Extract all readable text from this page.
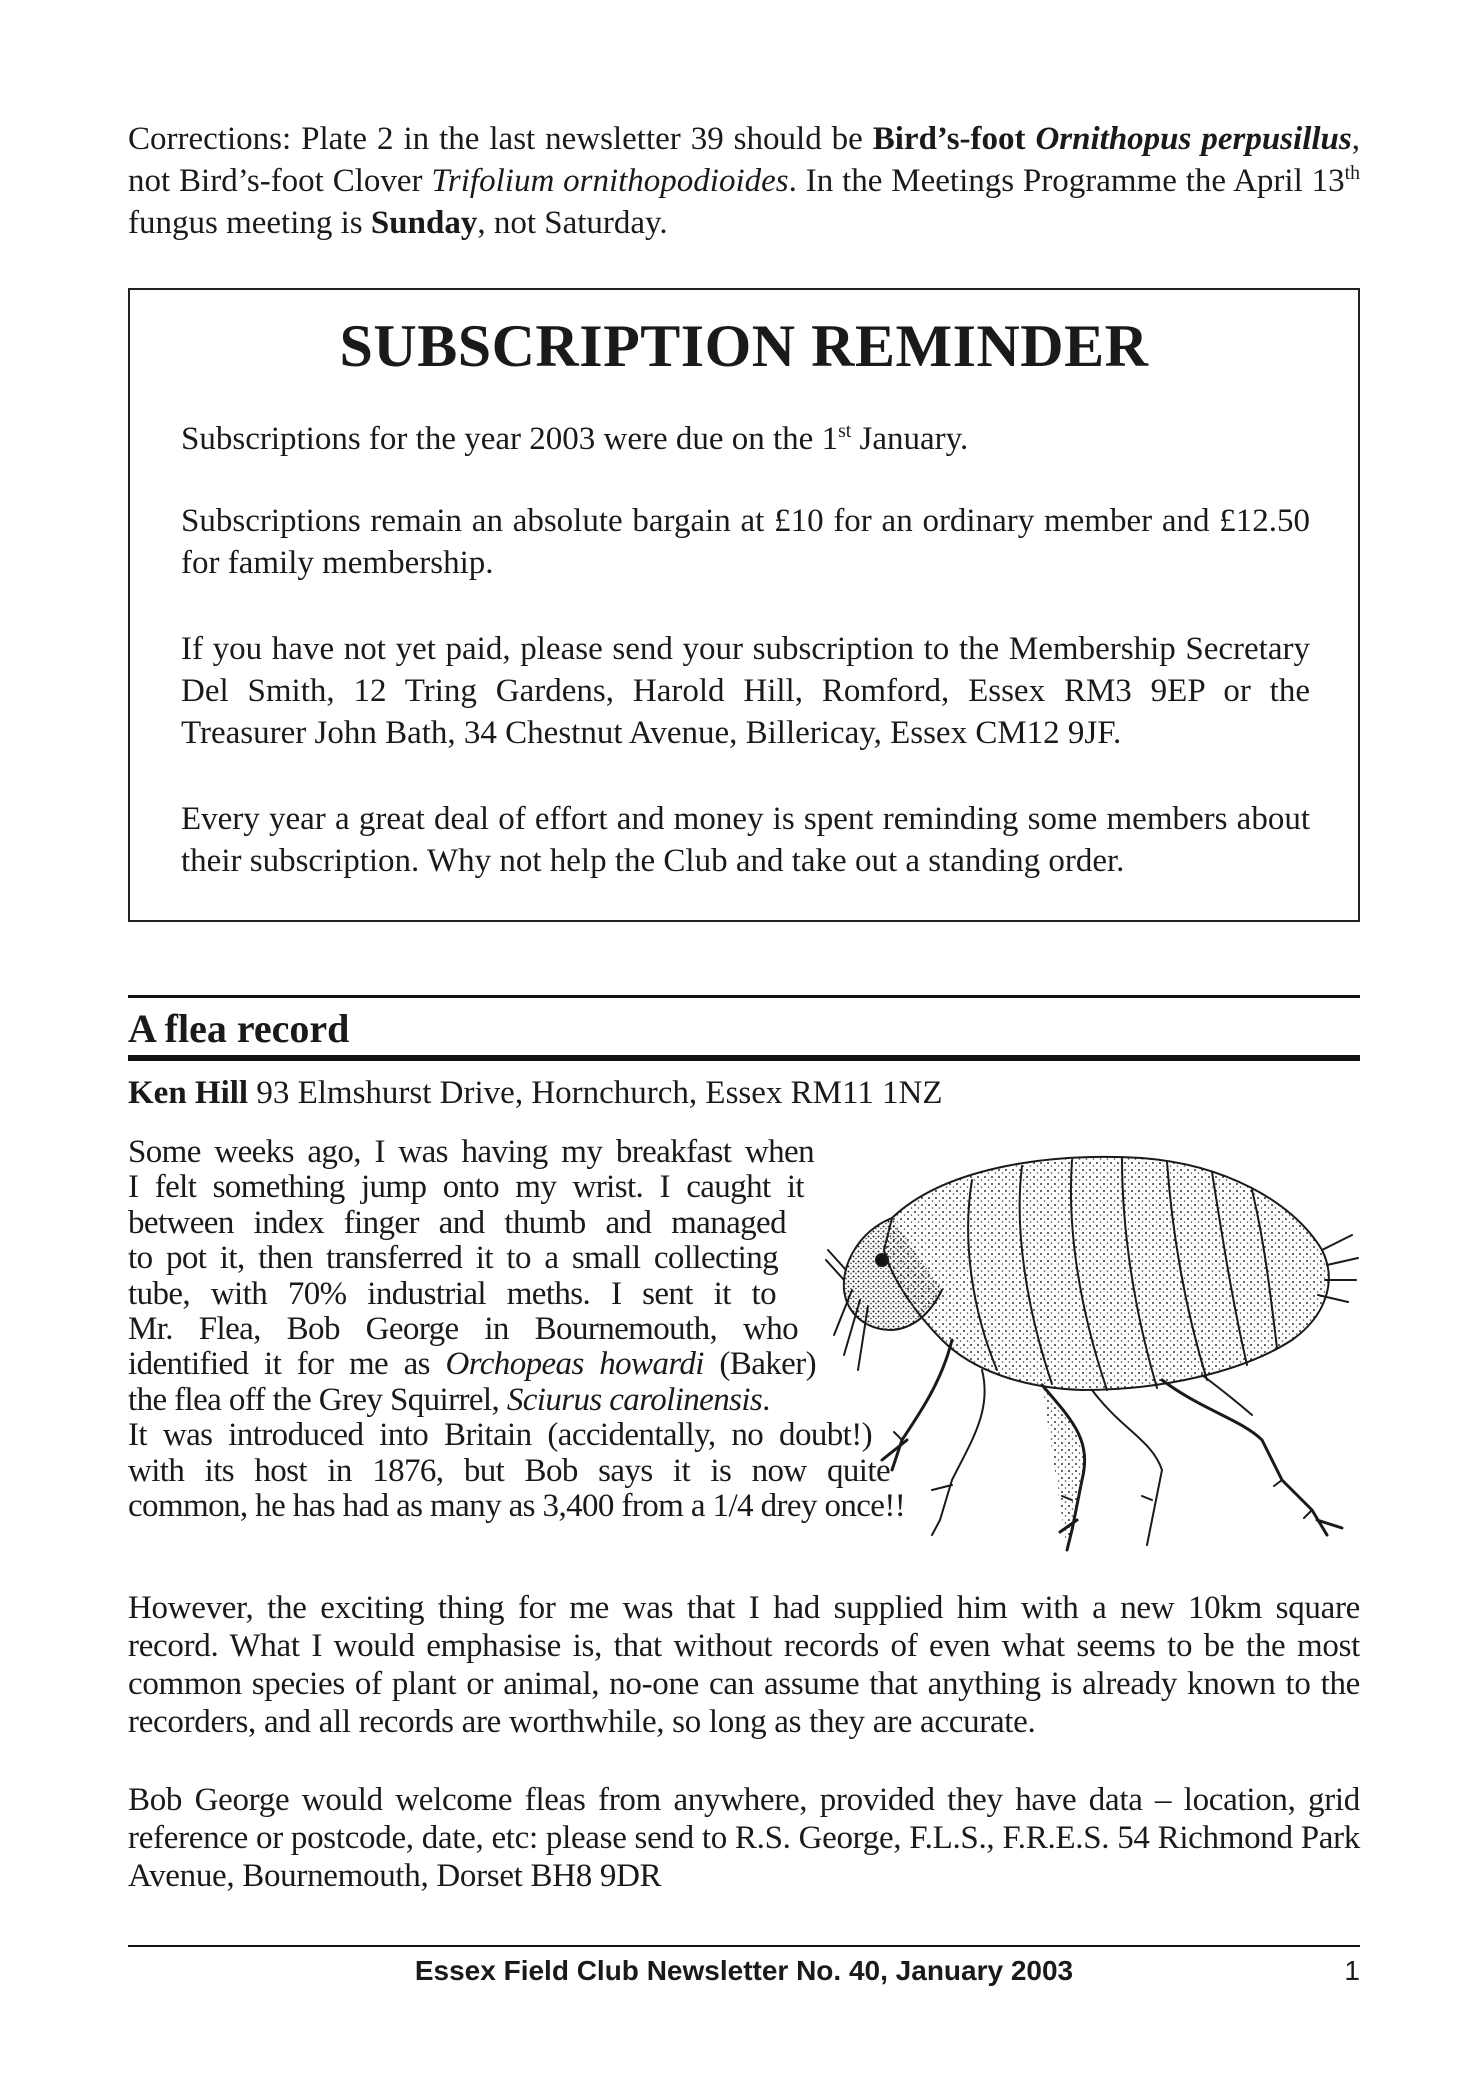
Corrections: Plate 2 in the last newsletter 39 should be Bird’s-foot Ornithopus perpusillus, not Bird’s-foot Clover Trifolium ornithopodioides. In the Meetings Programme the April 13th fungus meeting is Sunday, not Saturday.

SUBSCRIPTION REMINDER

Subscriptions for the year 2003 were due on the 1st January.

Subscriptions remain an absolute bargain at £10 for an ordinary member and £12.50 for family membership.

If you have not yet paid, please send your subscription to the Membership Secretary Del Smith, 12 Tring Gardens, Harold Hill, Romford, Essex RM3 9EP or the Treasurer John Bath, 34 Chestnut Avenue, Billericay, Essex CM12 9JF.

Every year a great deal of effort and money is spent reminding some members about their subscription. Why not help the Club and take out a standing order.

A flea record

Ken Hill 93 Elmshurst Drive, Hornchurch, Essex RM11 1NZ

Some weeks ago, I was having my breakfast when
I felt something jump onto my wrist. I caught it
between index finger and thumb and managed
to pot it, then transferred it to a small collecting
tube, with 70% industrial meths. I sent it to
Mr. Flea, Bob George in Bournemouth, who
identified it for me as Orchopeas howardi (Baker)
the flea off the Grey Squirrel, Sciurus carolinensis.
It was introduced into Britain (accidentally, no doubt!)
with its host in 1876, but Bob says it is now quite
common, he has had as many as 3,400 from a 1/4 drey once!!

However, the exciting thing for me was that I had supplied him with a new 10km square record. What I would emphasise is, that without records of even what seems to be the most common species of plant or animal, no-one can assume that anything is already known to the recorders, and all records are worthwhile, so long as they are accurate.

Bob George would welcome fleas from anywhere, provided they have data – location, grid reference or postcode, date, etc: please send to R.S. George, F.L.S., F.R.E.S. 54 Richmond Park Avenue, Bournemouth, Dorset BH8 9DR

Essex Field Club Newsletter No. 40, January 2003	1
